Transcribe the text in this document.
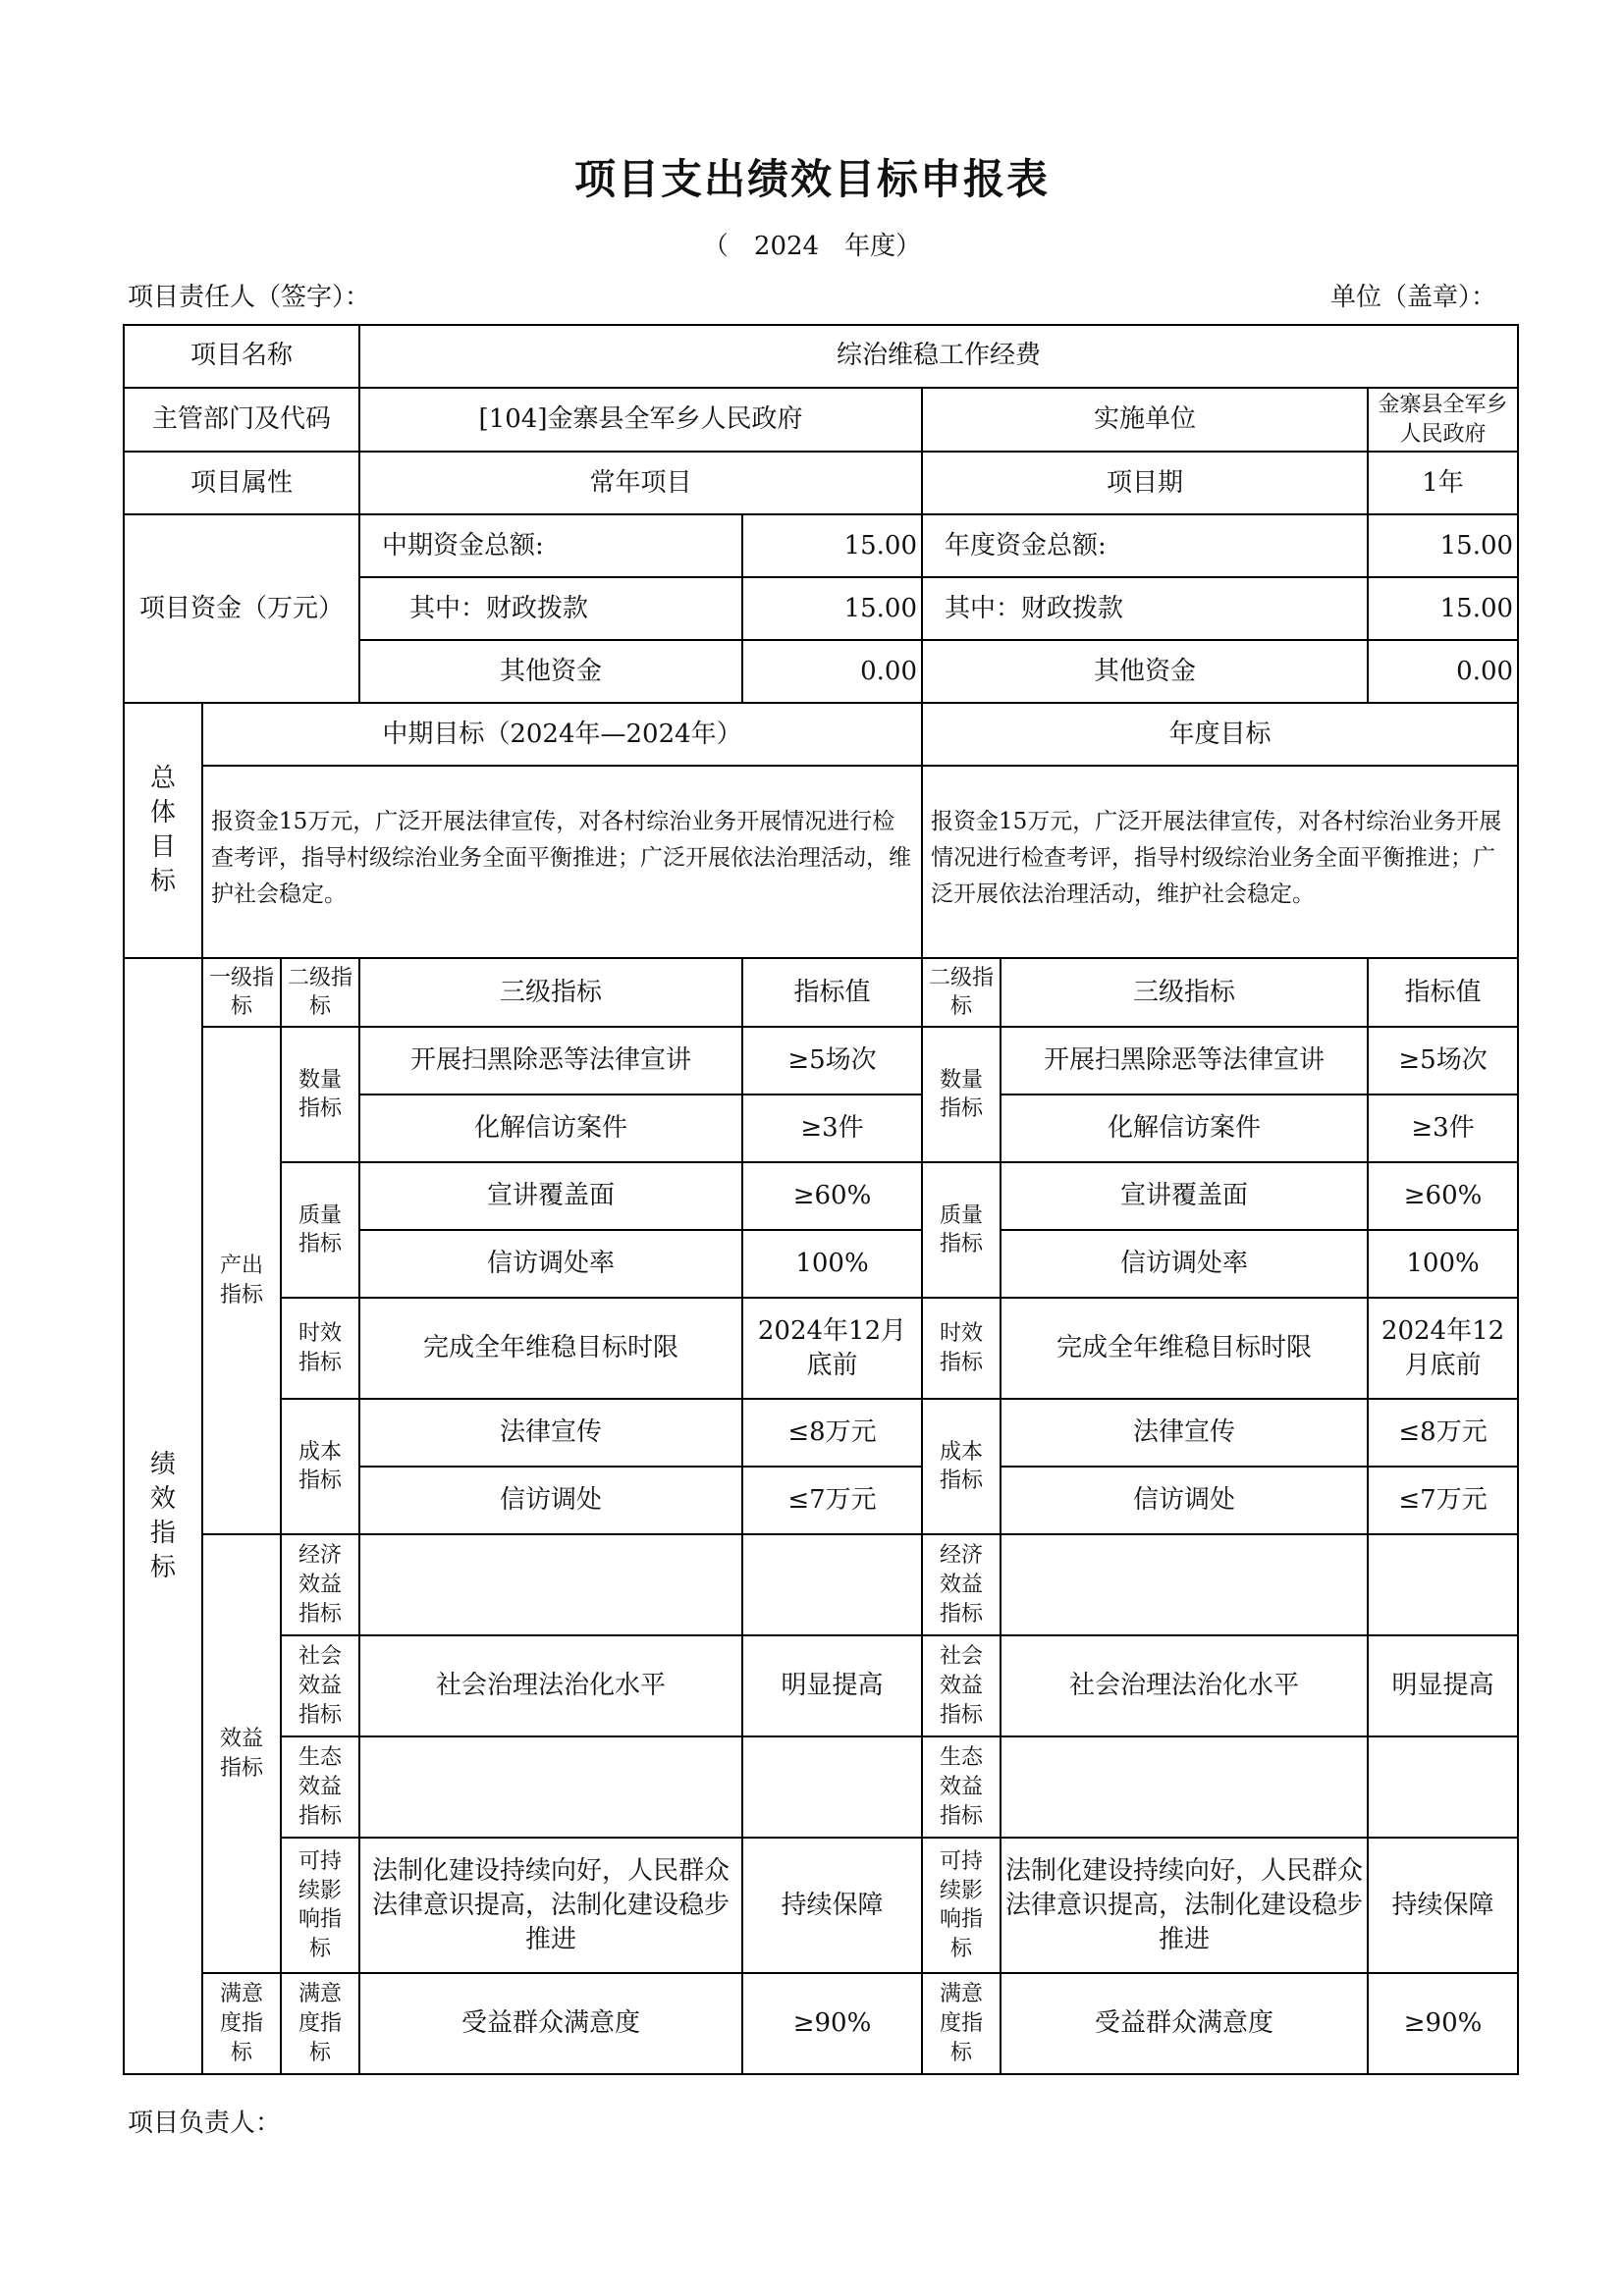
项目支出绩效目标申报表
（　2024　年度）
项目责任人（签字）：	单位（盖章）：
项目名称			综治维稳工作经费				
主管部门及代码			[104]金寨县全军乡人民政府		实施单位		金寨县全军乡人民政府
项目属性			常年项目		项目期		1年
项目资金（万元）			中期资金总额:	15.00	年度资金总额:		15.00
			其中：财政拨款	15.00	其中：财政拨款		15.00
			其他资金	0.00	其他资金		0.00
总体目标	中期目标（2024年—2024年）				年度目标		
	报资金15万元，广泛开展法律宣传，对各村综治业务开展情况进行检查考评，指导村级综治业务全面平衡推进；广泛开展依法治理活动，维护社会稳定。				报资金15万元，广泛开展法律宣传，对各村综治业务开展情况进行检查考评，指导村级综治业务全面平衡推进；广泛开展依法治理活动，维护社会稳定。		
绩效指标	一级指标	二级指标	三级指标	指标值	二级指标	三级指标	指标值
	产出指标	数量指标	开展扫黑除恶等法律宣讲	≥5场次	数量指标	开展扫黑除恶等法律宣讲	≥5场次
			化解信访案件	≥3件		化解信访案件	≥3件
		质量指标	宣讲覆盖面	≥60%	质量指标	宣讲覆盖面	≥60%
			信访调处率	100%		信访调处率	100%
		时效指标	完成全年维稳目标时限	2024年12月底前	时效指标	完成全年维稳目标时限	2024年12月底前
		成本指标	法律宣传	≤8万元	成本指标	法律宣传	≤8万元
			信访调处	≤7万元		信访调处	≤7万元
	效益指标	经济效益指标			经济效益指标		
		社会效益指标	社会治理法治化水平	明显提高	社会效益指标	社会治理法治化水平	明显提高
		生态效益指标			生态效益指标		
		可持续影响指标	法制化建设持续向好，人民群众法律意识提高，法制化建设稳步推进	持续保障	可持续影响指标	法制化建设持续向好，人民群众法律意识提高，法制化建设稳步推进	持续保障
	满意度指标	满意度指标	受益群众满意度	≥90%	满意度指标	受益群众满意度	≥90%
项目负责人：
